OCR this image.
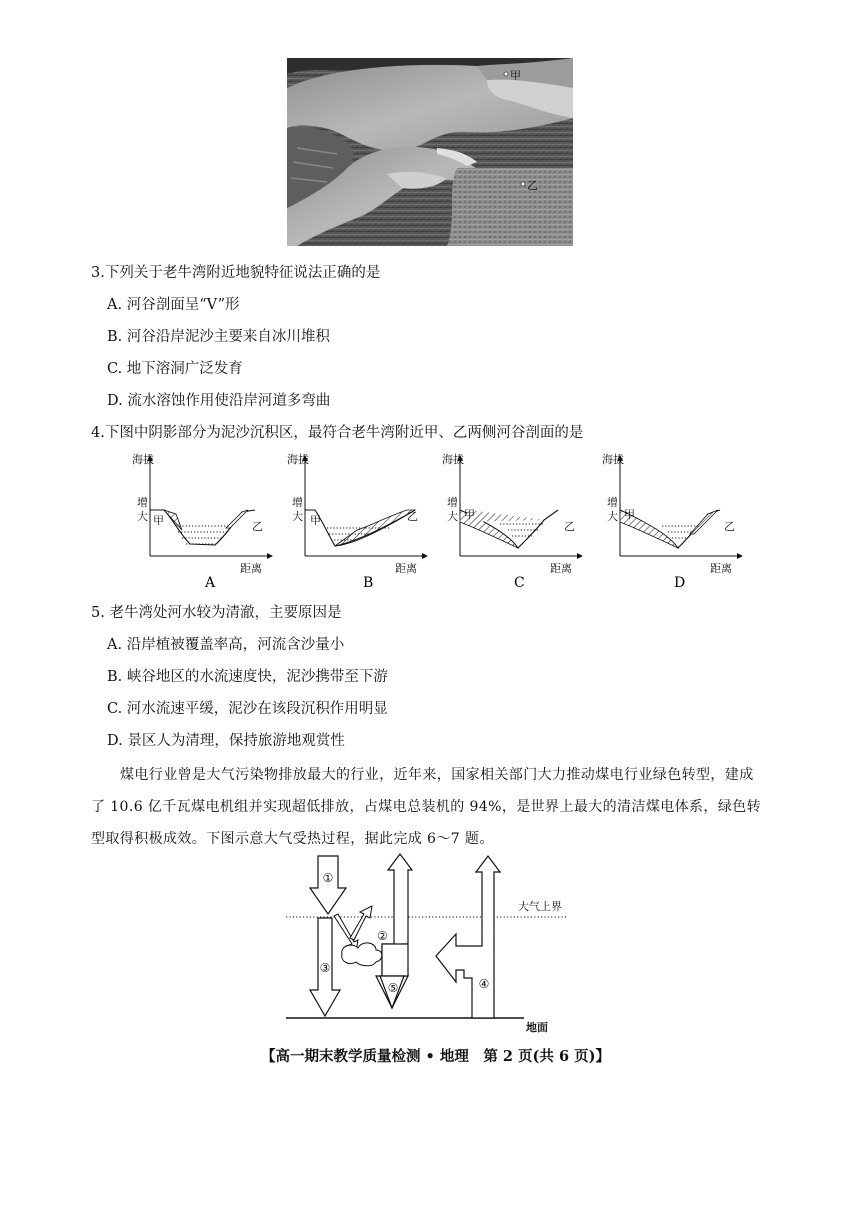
甲
乙
3.下列关于老牛湾附近地貌特征说法正确的是
A. 河谷剖面呈“V”形
B. 河谷沿岸泥沙主要来自冰川堆积
C. 地下溶洞广泛发育
D. 流水溶蚀作用使沿岸河道多弯曲
4.下图中阴影部分为泥沙沉积区，最符合老牛湾附近甲、乙两侧河谷剖面的是
海拔
增
大
距离
甲	乙
A
海拔
增
大
距离
甲	乙
B
海拔
增
大
距离
甲
乙
C
海拔
增
大
距离
甲
乙
D
5. 老牛湾处河水较为清澈，主要原因是
A. 沿岸植被覆盖率高，河流含沙量小
B. 峡谷地区的水流速度快，泥沙携带至下游
C. 河水流速平缓，泥沙在该段沉积作用明显
D. 景区人为清理，保持旅游地观赏性
煤电行业曾是大气污染物排放最大的行业，近年来，国家相关部门大力推动煤电行业绿色转型，建成
了 10.6 亿千瓦煤电机组并实现超低排放，占煤电总装机的 94%，是世界上最大的清洁煤电体系，绿色转
型取得积极成效。下图示意大气受热过程，据此完成 6～7 题。
大气上界
地面
①
③
②
⑤	④
【高一期末教学质量检测 • 地理　第 2 页(共 6 页)】
